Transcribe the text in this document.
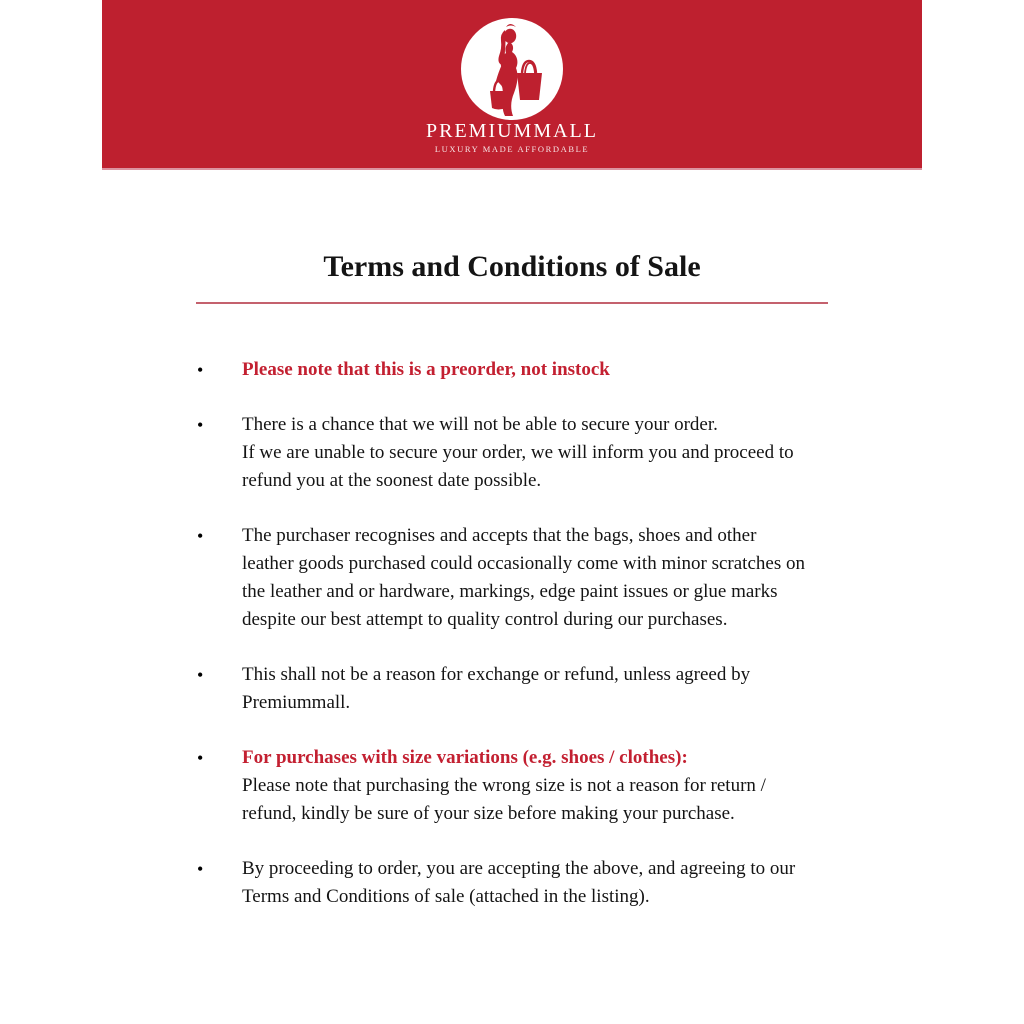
PREMIUMMALL
LUXURY MADE AFFORDABLE
Terms and Conditions of Sale
•	Please note that this is a preorder, not instock
•	There is a chance that we will not be able to secure your order.
If we are unable to secure your order, we will inform you and proceed to
refund you at the soonest date possible.
•	The purchaser recognises and accepts that the bags, shoes and other
leather goods purchased could occasionally come with minor scratches on
the leather and or hardware, markings, edge paint issues or glue marks
despite our best attempt to quality control during our purchases.
•	This shall not be a reason for exchange or refund, unless agreed by
Premiummall.
•	For purchases with size variations (e.g. shoes / clothes):
Please note that purchasing the wrong size is not a reason for return /
refund, kindly be sure of your size before making your purchase.
•	By proceeding to order, you are accepting the above, and agreeing to our
Terms and Conditions of sale (attached in the listing).
